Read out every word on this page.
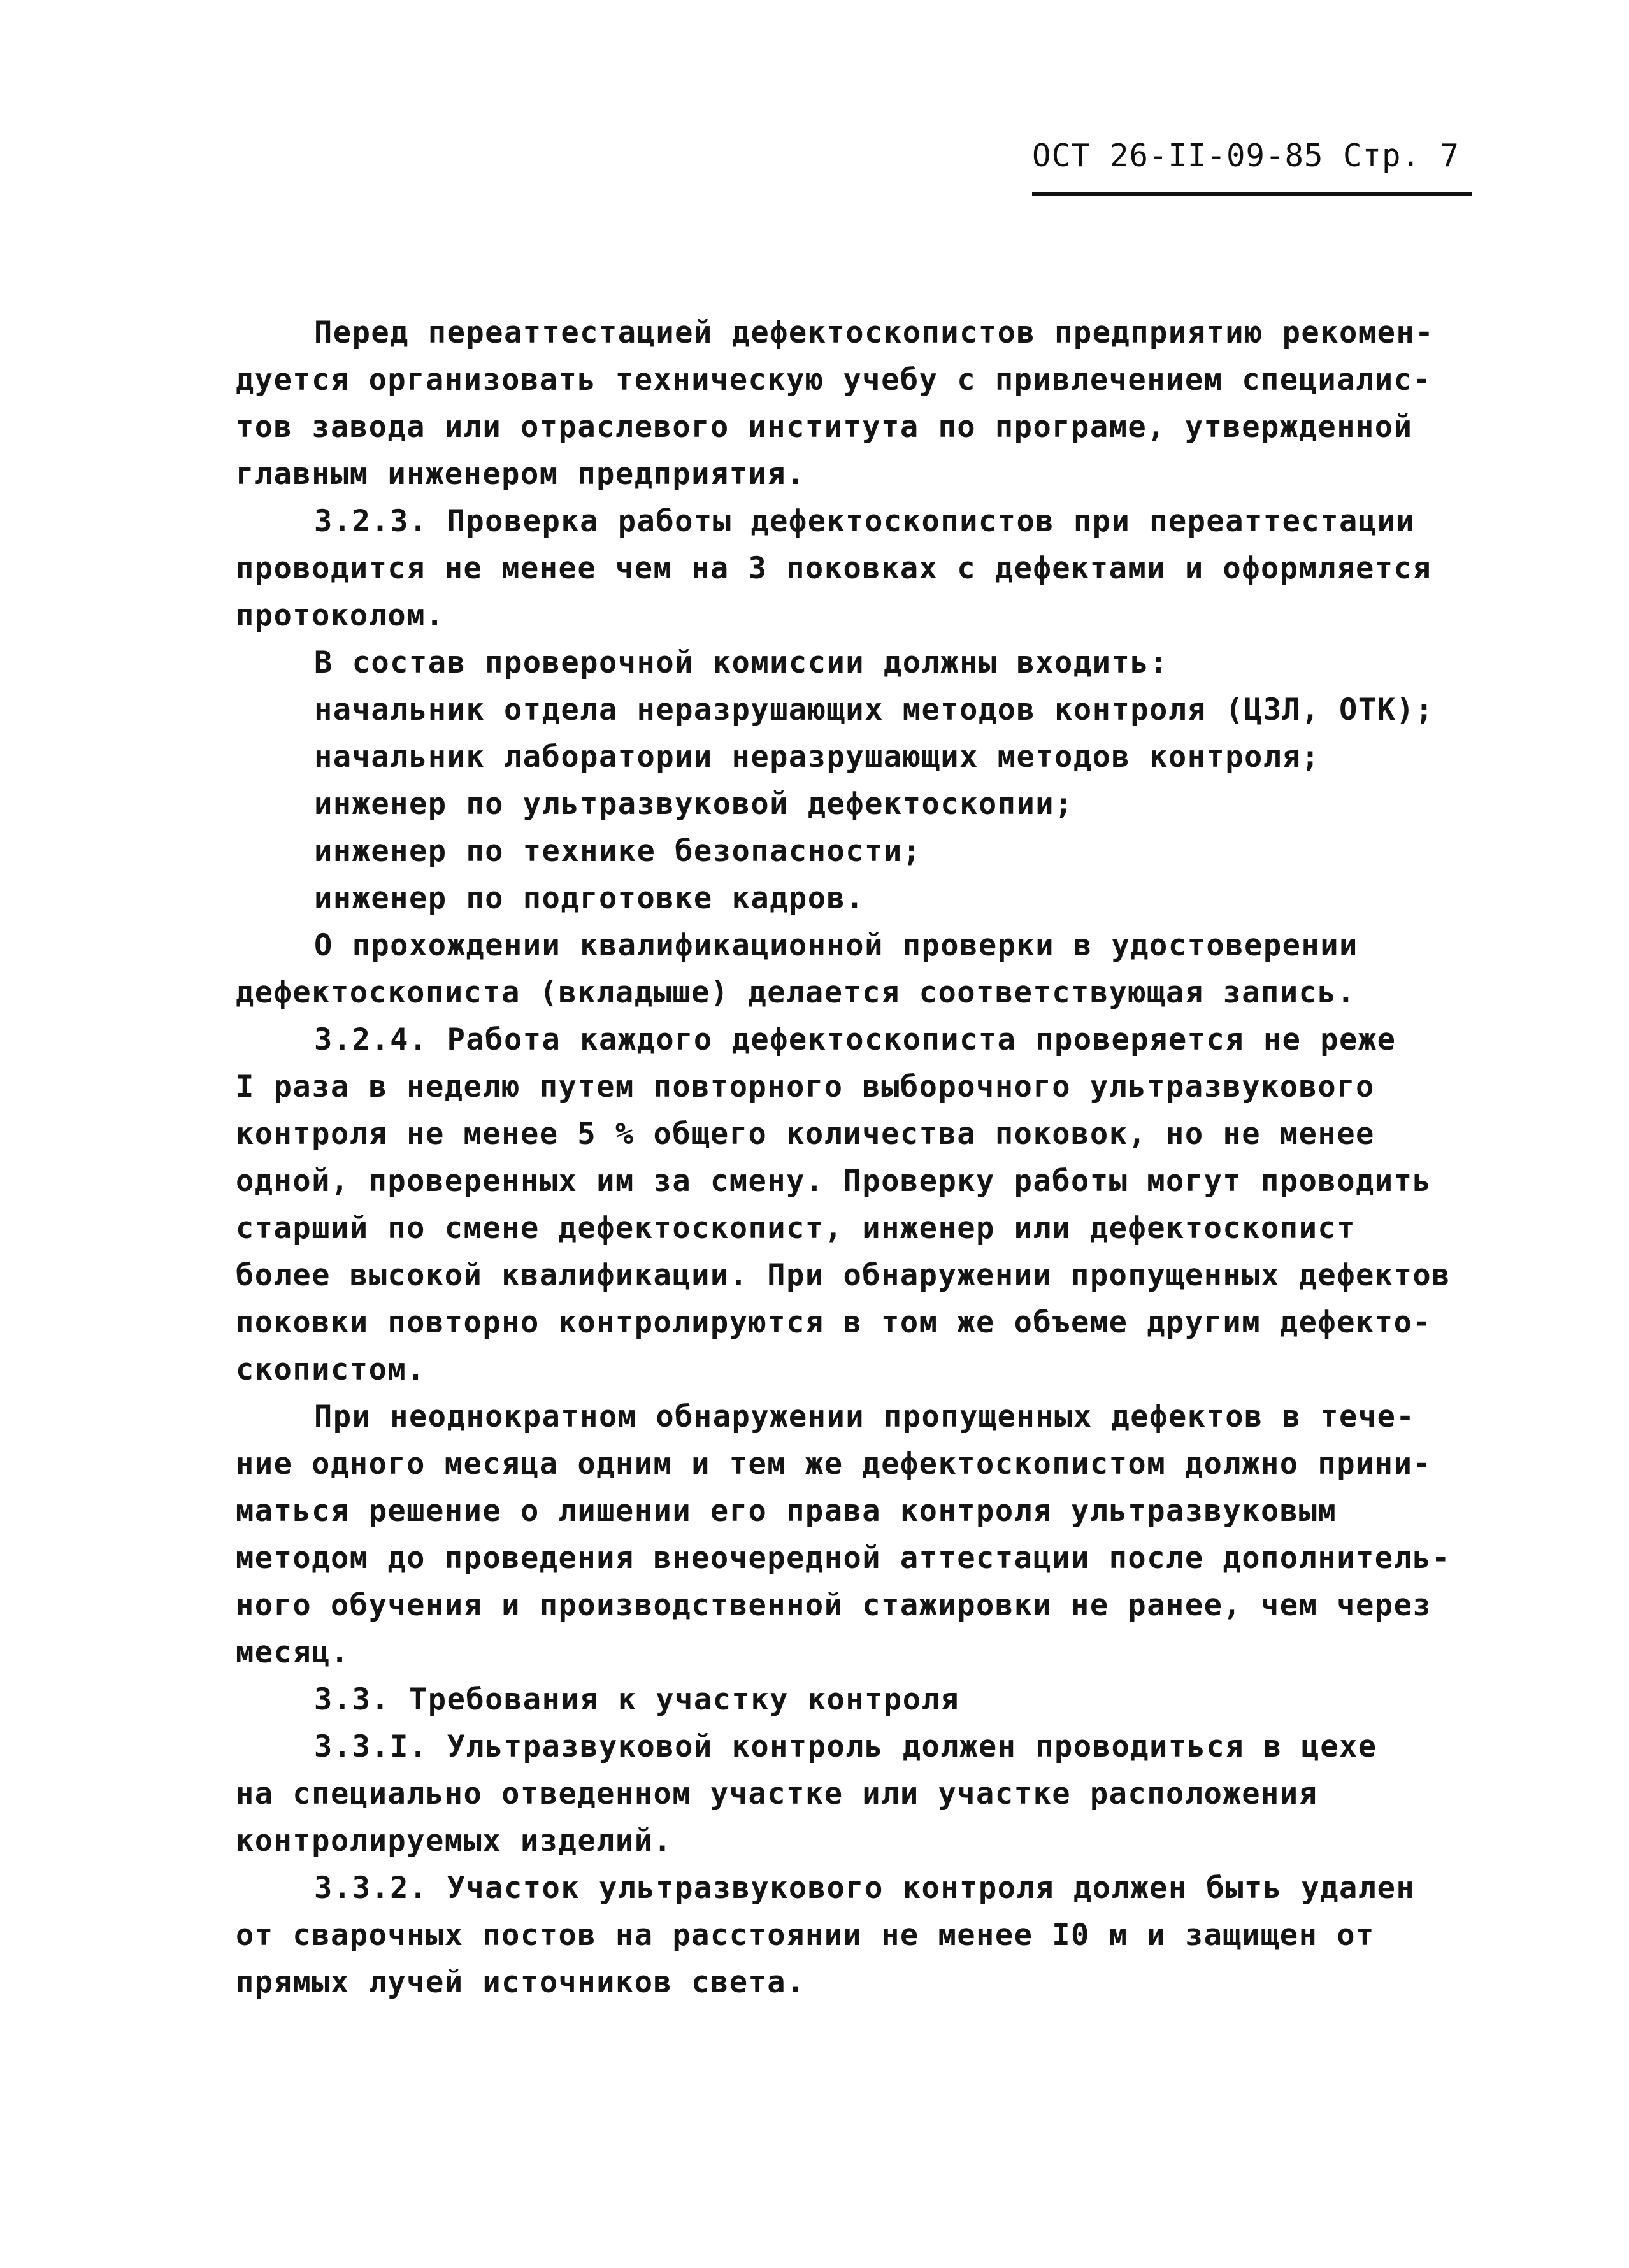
ОСТ 26-II-09-85 Стр. 7
Перед переаттестацией дефектоскопистов предприятию рекомен-
дуется организовать техническую учебу с привлечением специалис-
тов завода или отраслевого института по програме, утвержденной
главным инженером предприятия.
3.2.3. Проверка работы дефектоскопистов при переаттестации
проводится не менее чем на 3 поковках с дефектами и оформляется
протоколом.
В состав проверочной комиссии должны входить:
начальник отдела неразрушающих методов контроля (ЦЗЛ, ОТК);
начальник лаборатории неразрушающих методов контроля;
инженер по ультразвуковой дефектоскопии;
инженер по технике безопасности;
инженер по подготовке кадров.
О прохождении квалификационной проверки в удостоверении
дефектоскописта (вкладыше) делается соответствующая запись.
3.2.4. Работа каждого дефектоскописта проверяется не реже
I раза в неделю путем повторного выборочного ультразвукового
контроля не менее 5 % общего количества поковок, но не менее
одной, проверенных им за смену. Проверку работы могут проводить
старший по смене дефектоскопист, инженер или дефектоскопист
более высокой квалификации. При обнаружении пропущенных дефектов
поковки повторно контролируются в том же объеме другим дефекто-
скопистом.
При неоднократном обнаружении пропущенных дефектов в тече-
ние одного месяца одним и тем же дефектоскопистом должно прини-
маться решение о лишении его права контроля ультразвуковым
методом до проведения внеочередной аттестации после дополнитель-
ного обучения и производственной стажировки не ранее, чем через
месяц.
3.3. Требования к участку контроля
3.3.I. Ультразвуковой контроль должен проводиться в цехе
на специально отведенном участке или участке расположения
контролируемых изделий.
3.3.2. Участок ультразвукового контроля должен быть удален
от сварочных постов на расстоянии не менее I0 м и защищен от
прямых лучей источников света.
